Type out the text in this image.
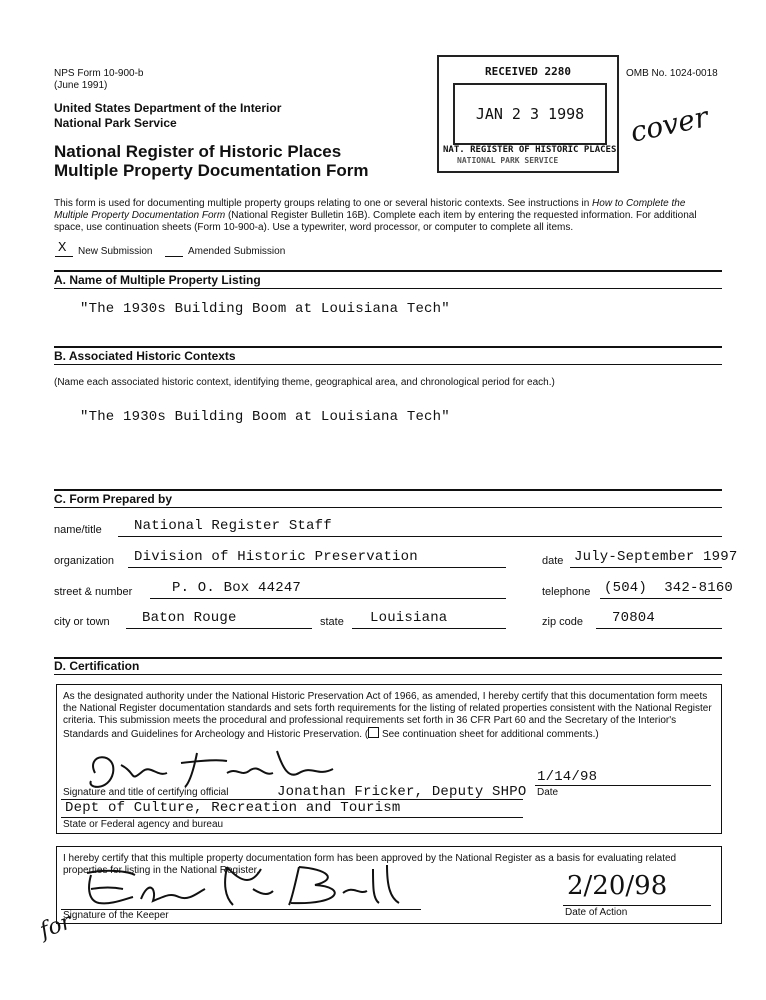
NPS Form 10-900-b
(June 1991)
OMB No. 1024-0018
United States Department of the Interior
National Park Service
National Register of Historic Places
Multiple Property Documentation Form
RECEIVED 2280
JAN 2 3 1998
NAT. REGISTER OF HISTORIC PLACES
NATIONAL PARK SERVICE
cover
This form is used for documenting multiple property groups relating to one or several historic contexts. See instructions in How to Complete the Multiple Property Documentation Form (National Register Bulletin 16B). Complete each item by entering the requested information. For additional space, use continuation sheets (Form 10-900-a). Use a typewriter, word processor, or computer to complete all items.
X New Submission	Amended Submission
A. Name of Multiple Property Listing
"The 1930s Building Boom at Louisiana Tech"
B. Associated Historic Contexts
(Name each associated historic context, identifying theme, geographical area, and chronological period for each.)
"The 1930s Building Boom at Louisiana Tech"
C. Form Prepared by
name/title National Register Staff
organization Division of Historic Preservation	date July-September 1997
street & number	P. O. Box 44247	telephone (504)  342-8160
city or town Baton Rouge	state Louisiana	zip code 70804
D. Certification
As the designated authority under the National Historic Preservation Act of 1966, as amended, I hereby certify that this documentation form meets the National Register documentation standards and sets forth requirements for the listing of related properties consistent with the National Register criteria. This submission meets the procedural and professional requirements set forth in 36 CFR Part 60 and the Secretary of the Interior's Standards and Guidelines for Archeology and Historic Preservation. ( See continuation sheet for additional comments.)
Jonathan Fricker, Deputy SHPO
Signature and title of certifying official
1/14/98
Date
Dept of Culture, Recreation and Tourism
State or Federal agency and bureau
I hereby certify that this multiple property documentation form has been approved by the National Register as a basis for evaluating related properties for listing in the National Register.
Signature of the Keeper
2/20/98
Date of Action
for
